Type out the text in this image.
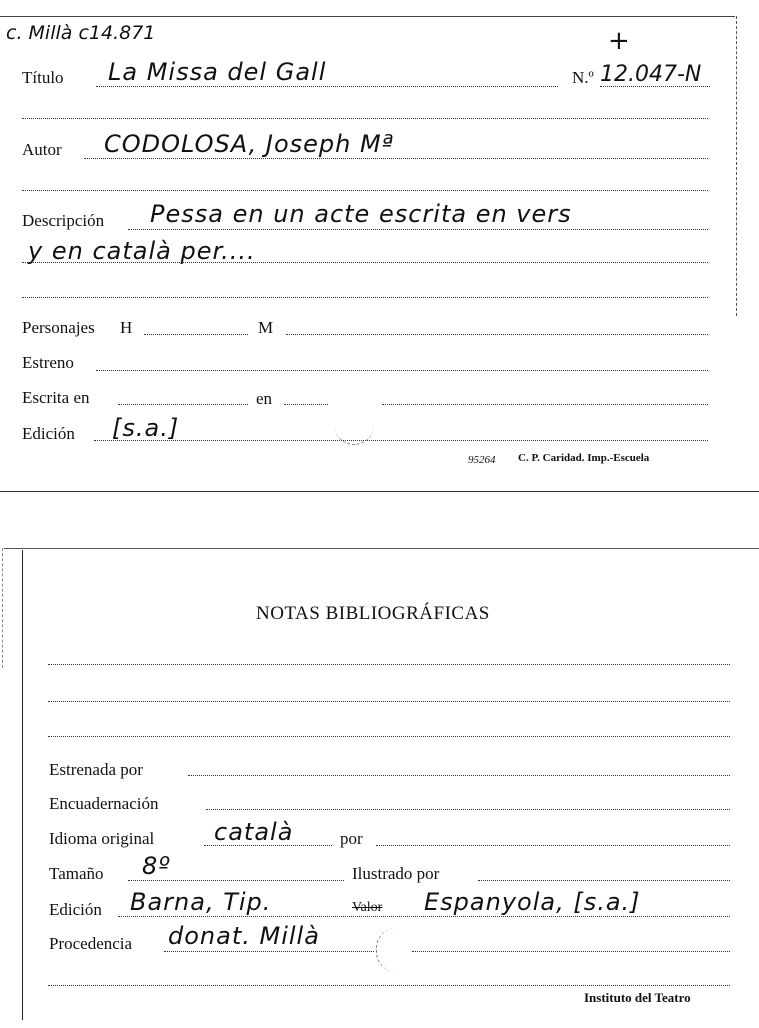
c. Millà c14.871	+
Título La Missa del Gall	N.º 12.047-N
Autor CODOLOSA, Joseph Mª
Descripción Pessa en un acte escrita en vers
y en català per....
Personajes H	M
Estreno
Escrita en	en
Edición [s.a.]
95264 C. P. Caridad. Imp.-Escuela
NOTAS BIBLIOGRÁFICAS
Estrenada por
Encuadernación
Idioma original català	por
Tamaño 8º	Ilustrado por
Edición Barna, Tip.	Valor Espanyola, [s.a.]
Procedencia donat. Millà
Instituto del Teatro
